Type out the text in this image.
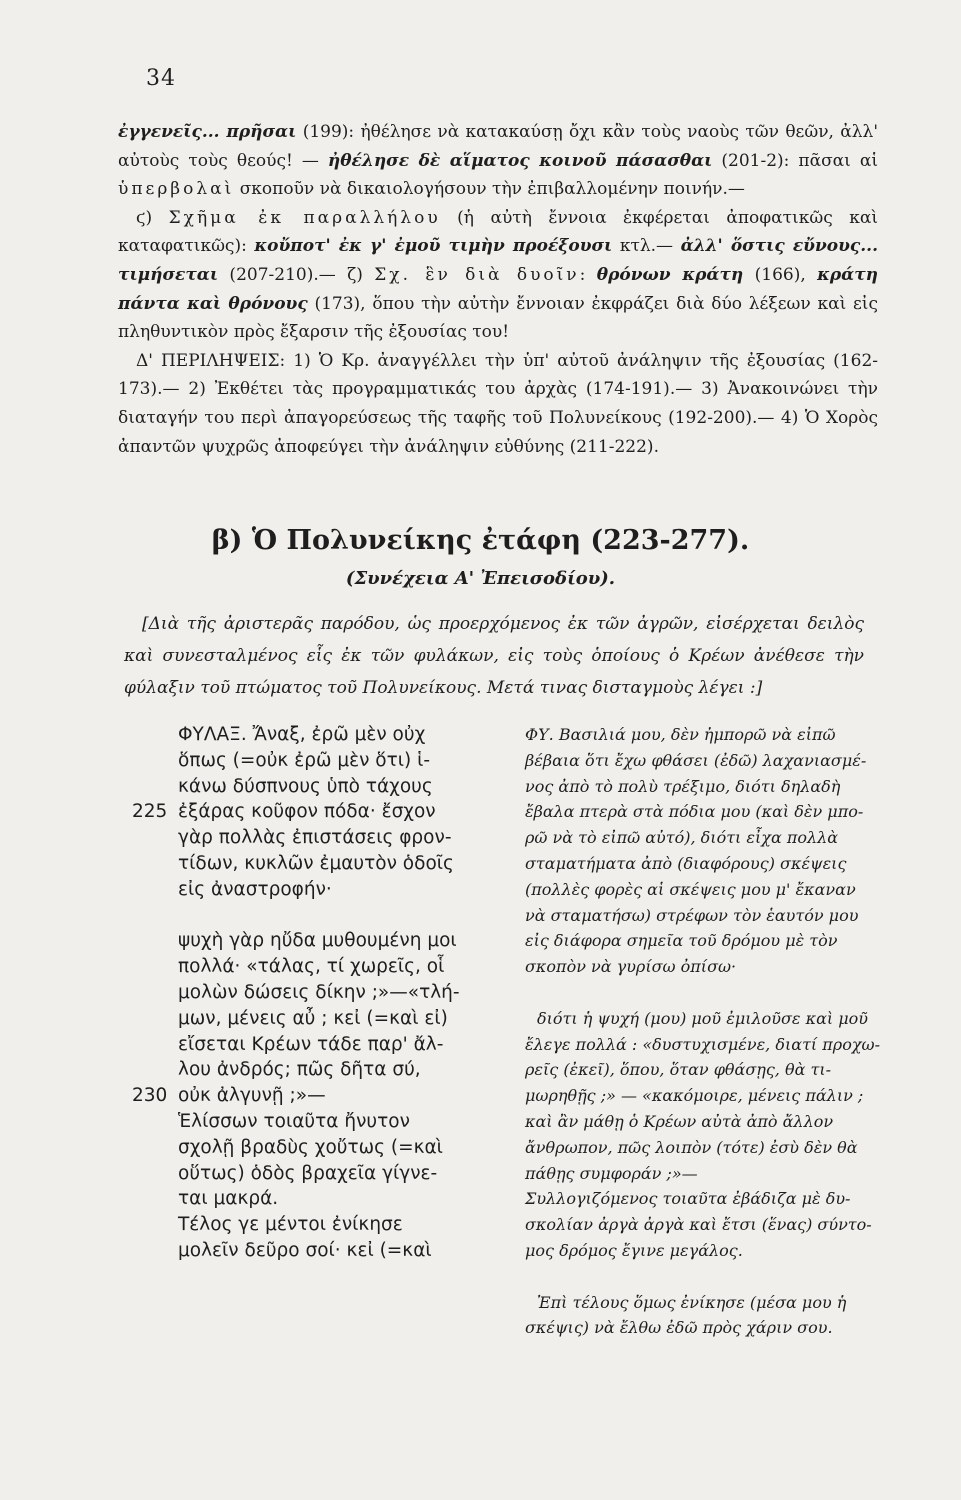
34

ἐγγενεῖς... πρῆσαι (199): ἠθέλησε νὰ κατακαύσῃ ὄχι κἂν τοὺς ναοὺς τῶν θεῶν, ἀλλ' αὐτοὺς τοὺς θεούς! — ἠθέλησε δὲ αἵματος κοινοῦ πάσασθαι (201-2): πᾶσαι αἱ ὑπερβολαὶ σκοποῦν νὰ δικαιολογήσουν τὴν ἐπιβαλλομένην ποινήν.—

ϛ) Σχῆμα ἐκ παραλλήλου (ἡ αὐτὴ ἔννοια ἐκφέρεται ἀποφατικῶς καὶ καταφατικῶς): κοὔποτ' ἐκ γ' ἐμοῦ τιμὴν προέξουσι κτλ.— ἀλλ' ὅστις εὔνους... τιμήσεται (207-210).— ζ) Σχ. ἓν διὰ δυοῖν: θρόνων κράτη (166), κράτη πάντα καὶ θρόνους (173), ὅπου τὴν αὐτὴν ἔννοιαν ἐκφράζει διὰ δύο λέξεων καὶ εἰς πληθυντικὸν πρὸς ἔξαρσιν τῆς ἐξουσίας του!

Δ' ΠΕΡΙΛΗΨΕΙΣ: 1) Ὁ Κρ. ἀναγγέλλει τὴν ὑπ' αὐτοῦ ἀνάληψιν τῆς ἐξουσίας (162-173).— 2) Ἐκθέτει τὰς προγραμματικάς του ἀρχὰς (174-191).— 3) Ἀνακοινώνει τὴν διαταγήν του περὶ ἀπαγορεύσεως τῆς ταφῆς τοῦ Πολυνείκους (192-200).— 4) Ὁ Χορὸς ἀπαντῶν ψυχρῶς ἀποφεύγει τὴν ἀνάληψιν εὐθύνης (211-222).

β) Ὁ Πολυνείκης ἐτάφη (223-277).
(Συνέχεια Α' Ἐπεισοδίου).
[Διὰ τῆς ἀριστερᾶς παρόδου, ὡς προερχόμενος ἐκ τῶν ἀγρῶν, εἰσέρχεται δειλὸς καὶ συνεσταλμένος εἷς ἐκ τῶν φυλάκων, εἰς τοὺς ὁποίους ὁ Κρέων ἀνέθεσε τὴν φύλαξιν τοῦ πτώματος τοῦ Πολυνείκους. Μετά τινας δισταγμοὺς λέγει :]
ΦΥΛΑΞ. Ἄναξ, ἐρῶ μὲν οὐχ
ὅπως (=οὐκ ἐρῶ μὲν ὅτι) ἱ-
κάνω δύσπνους ὑπὸ τάχους
225 ἐξάρας κοῦφον πόδα· ἔσχον
γὰρ πολλὰς ἐπιστάσεις φρον-
τίδων, κυκλῶν ἐμαυτὸν ὁδοῖς
εἰς ἀναστροφήν·
ψυχὴ γὰρ ηὔδα μυθουμένη μοι
πολλά· «τάλας, τί χωρεῖς, οἷ
μολὼν δώσεις δίκην ;»—«τλή-
μων, μένεις αὖ ; κεἰ (=καὶ εἰ)
εἴσεται Κρέων τάδε παρ' ἄλ-
λου ἀνδρός; πῶς δῆτα σύ,
230 οὐκ ἀλγυνῇ ;»—
Ἑλίσσων τοιαῦτα ἤνυτον
σχολῇ βραδὺς χοὔτως (=καὶ
οὕτως) ὁδὸς βραχεῖα γίγνε-
ται μακρά.
Τέλος γε μέντοι ἐνίκησε
μολεῖν δεῦρο σοί· κεἰ (=καὶ
ΦΥ. Βασιλιά μου, δὲν ἠμπορῶ νὰ εἰπῶ
βέβαια ὅτι ἔχω φθάσει (ἐδῶ) λαχανιασμέ-
νος ἀπὸ τὸ πολὺ τρέξιμο, διότι δηλαδὴ
ἔβαλα πτερὰ στὰ πόδια μου (καὶ δὲν μπο-
ρῶ νὰ τὸ εἰπῶ αὐτό), διότι εἶχα πολλὰ
σταματήματα ἀπὸ (διαφόρους) σκέψεις
(πολλὲς φορὲς αἱ σκέψεις μου μ' ἔκαναν
νὰ σταματήσω) στρέφων τὸν ἑαυτόν μου
εἰς διάφορα σημεῖα τοῦ δρόμου μὲ τὸν
σκοπὸν νὰ γυρίσω ὀπίσω·
διότι ἡ ψυχή (μου) μοῦ ἐμιλοῦσε καὶ μοῦ
ἔλεγε πολλά : «δυστυχισμένε, διατί προχω-
ρεῖς (ἐκεῖ), ὅπου, ὅταν φθάσῃς, θὰ τι-
μωρηθῇς ;» — «κακόμοιρε, μένεις πάλιν ;
καὶ ἂν μάθῃ ὁ Κρέων αὐτὰ ἀπὸ ἄλλον
ἄνθρωπον, πῶς λοιπὸν (τότε) ἐσὺ δὲν θὰ
πάθῃς συμφοράν ;»—
Συλλογιζόμενος τοιαῦτα ἐβάδιζα μὲ δυ-
σκολίαν ἀργὰ ἀργὰ καὶ ἔτσι (ἕνας) σύντο-
μος δρόμος ἔγινε μεγάλος.
Ἐπὶ τέλους ὅμως ἐνίκησε (μέσα μου ἡ
σκέψις) νὰ ἔλθω ἐδῶ πρὸς χάριν σου.
